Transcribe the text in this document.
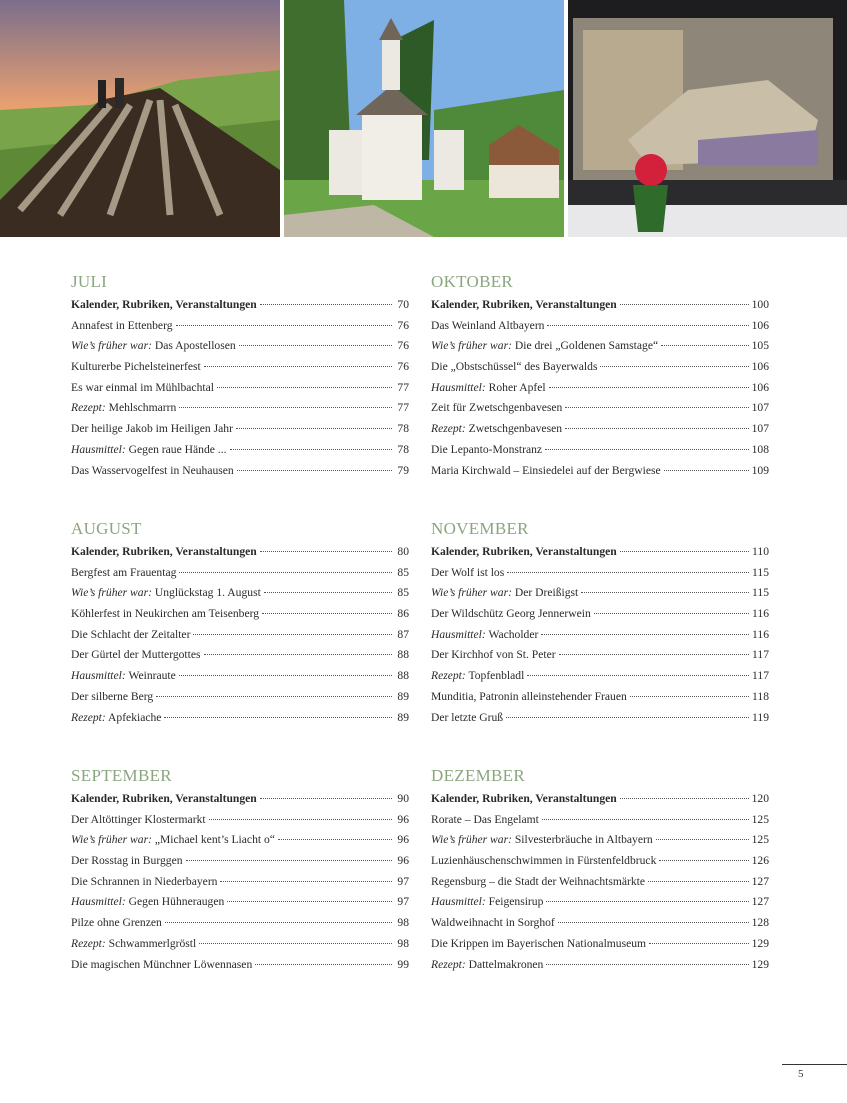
JULI
Kalender, Rubriken, Veranstaltungen	70
Annafest in Ettenberg	76
Wie’s früher war: Das Apostellosen	76
Kulturerbe Pichelsteinerfest	76
Es war einmal im Mühlbachtal	77
Rezept: Mehlschmarrn	77
Der heilige Jakob im Heiligen Jahr	78
Hausmittel: Gegen raue Hände ...	78
Das Wasservogelfest in Neuhausen	79
OKTOBER
Kalender, Rubriken, Veranstaltungen	100
Das Weinland Altbayern	106
Wie’s früher war: Die drei „Goldenen Samstage“	105
Die „Obstschüssel“ des Bayerwalds	106
Hausmittel: Roher Apfel	106
Zeit für Zwetschgenbavesen	107
Rezept: Zwetschgenbavesen	107
Die Lepanto-Monstranz	108
Maria Kirchwald – Einsiedelei auf der Bergwiese	109
AUGUST
Kalender, Rubriken, Veranstaltungen	80
Bergfest am Frauentag	85
Wie’s früher war: Unglückstag 1. August	85
Köhlerfest in Neukirchen am Teisenberg	86
Die Schlacht der Zeitalter	87
Der Gürtel der Muttergottes	88
Hausmittel: Weinraute	88
Der silberne Berg	89
Rezept: Apfekiache	89
NOVEMBER
Kalender, Rubriken, Veranstaltungen	110
Der Wolf ist los	115
Wie’s früher war: Der Dreißigst	115
Der Wildschütz Georg Jennerwein	116
Hausmittel: Wacholder	116
Der Kirchhof von St. Peter	117
Rezept: Topfenbladl	117
Munditia, Patronin alleinstehender Frauen	118
Der letzte Gruß	119
SEPTEMBER
Kalender, Rubriken, Veranstaltungen	90
Der Altöttinger Klostermarkt	96
Wie’s früher war: „Michael kent’s Liacht o“	96
Der Rosstag in Burggen	96
Die Schrannen in Niederbayern	97
Hausmittel: Gegen Hühneraugen	97
Pilze ohne Grenzen	98
Rezept: Schwammerlgröstl	98
Die magischen Münchner Löwennasen	99
DEZEMBER
Kalender, Rubriken, Veranstaltungen	120
Rorate – Das Engelamt	125
Wie’s früher war: Silvesterbräuche in Altbayern	125
Luzienhäuschenschwimmen in Fürstenfeldbruck	126
Regensburg – die Stadt der Weihnachtsmärkte	127
Hausmittel: Feigensirup	127
Waldweihnacht in Sorghof	128
Die Krippen im Bayerischen Nationalmuseum	129
Rezept: Dattelmakronen	129
5
